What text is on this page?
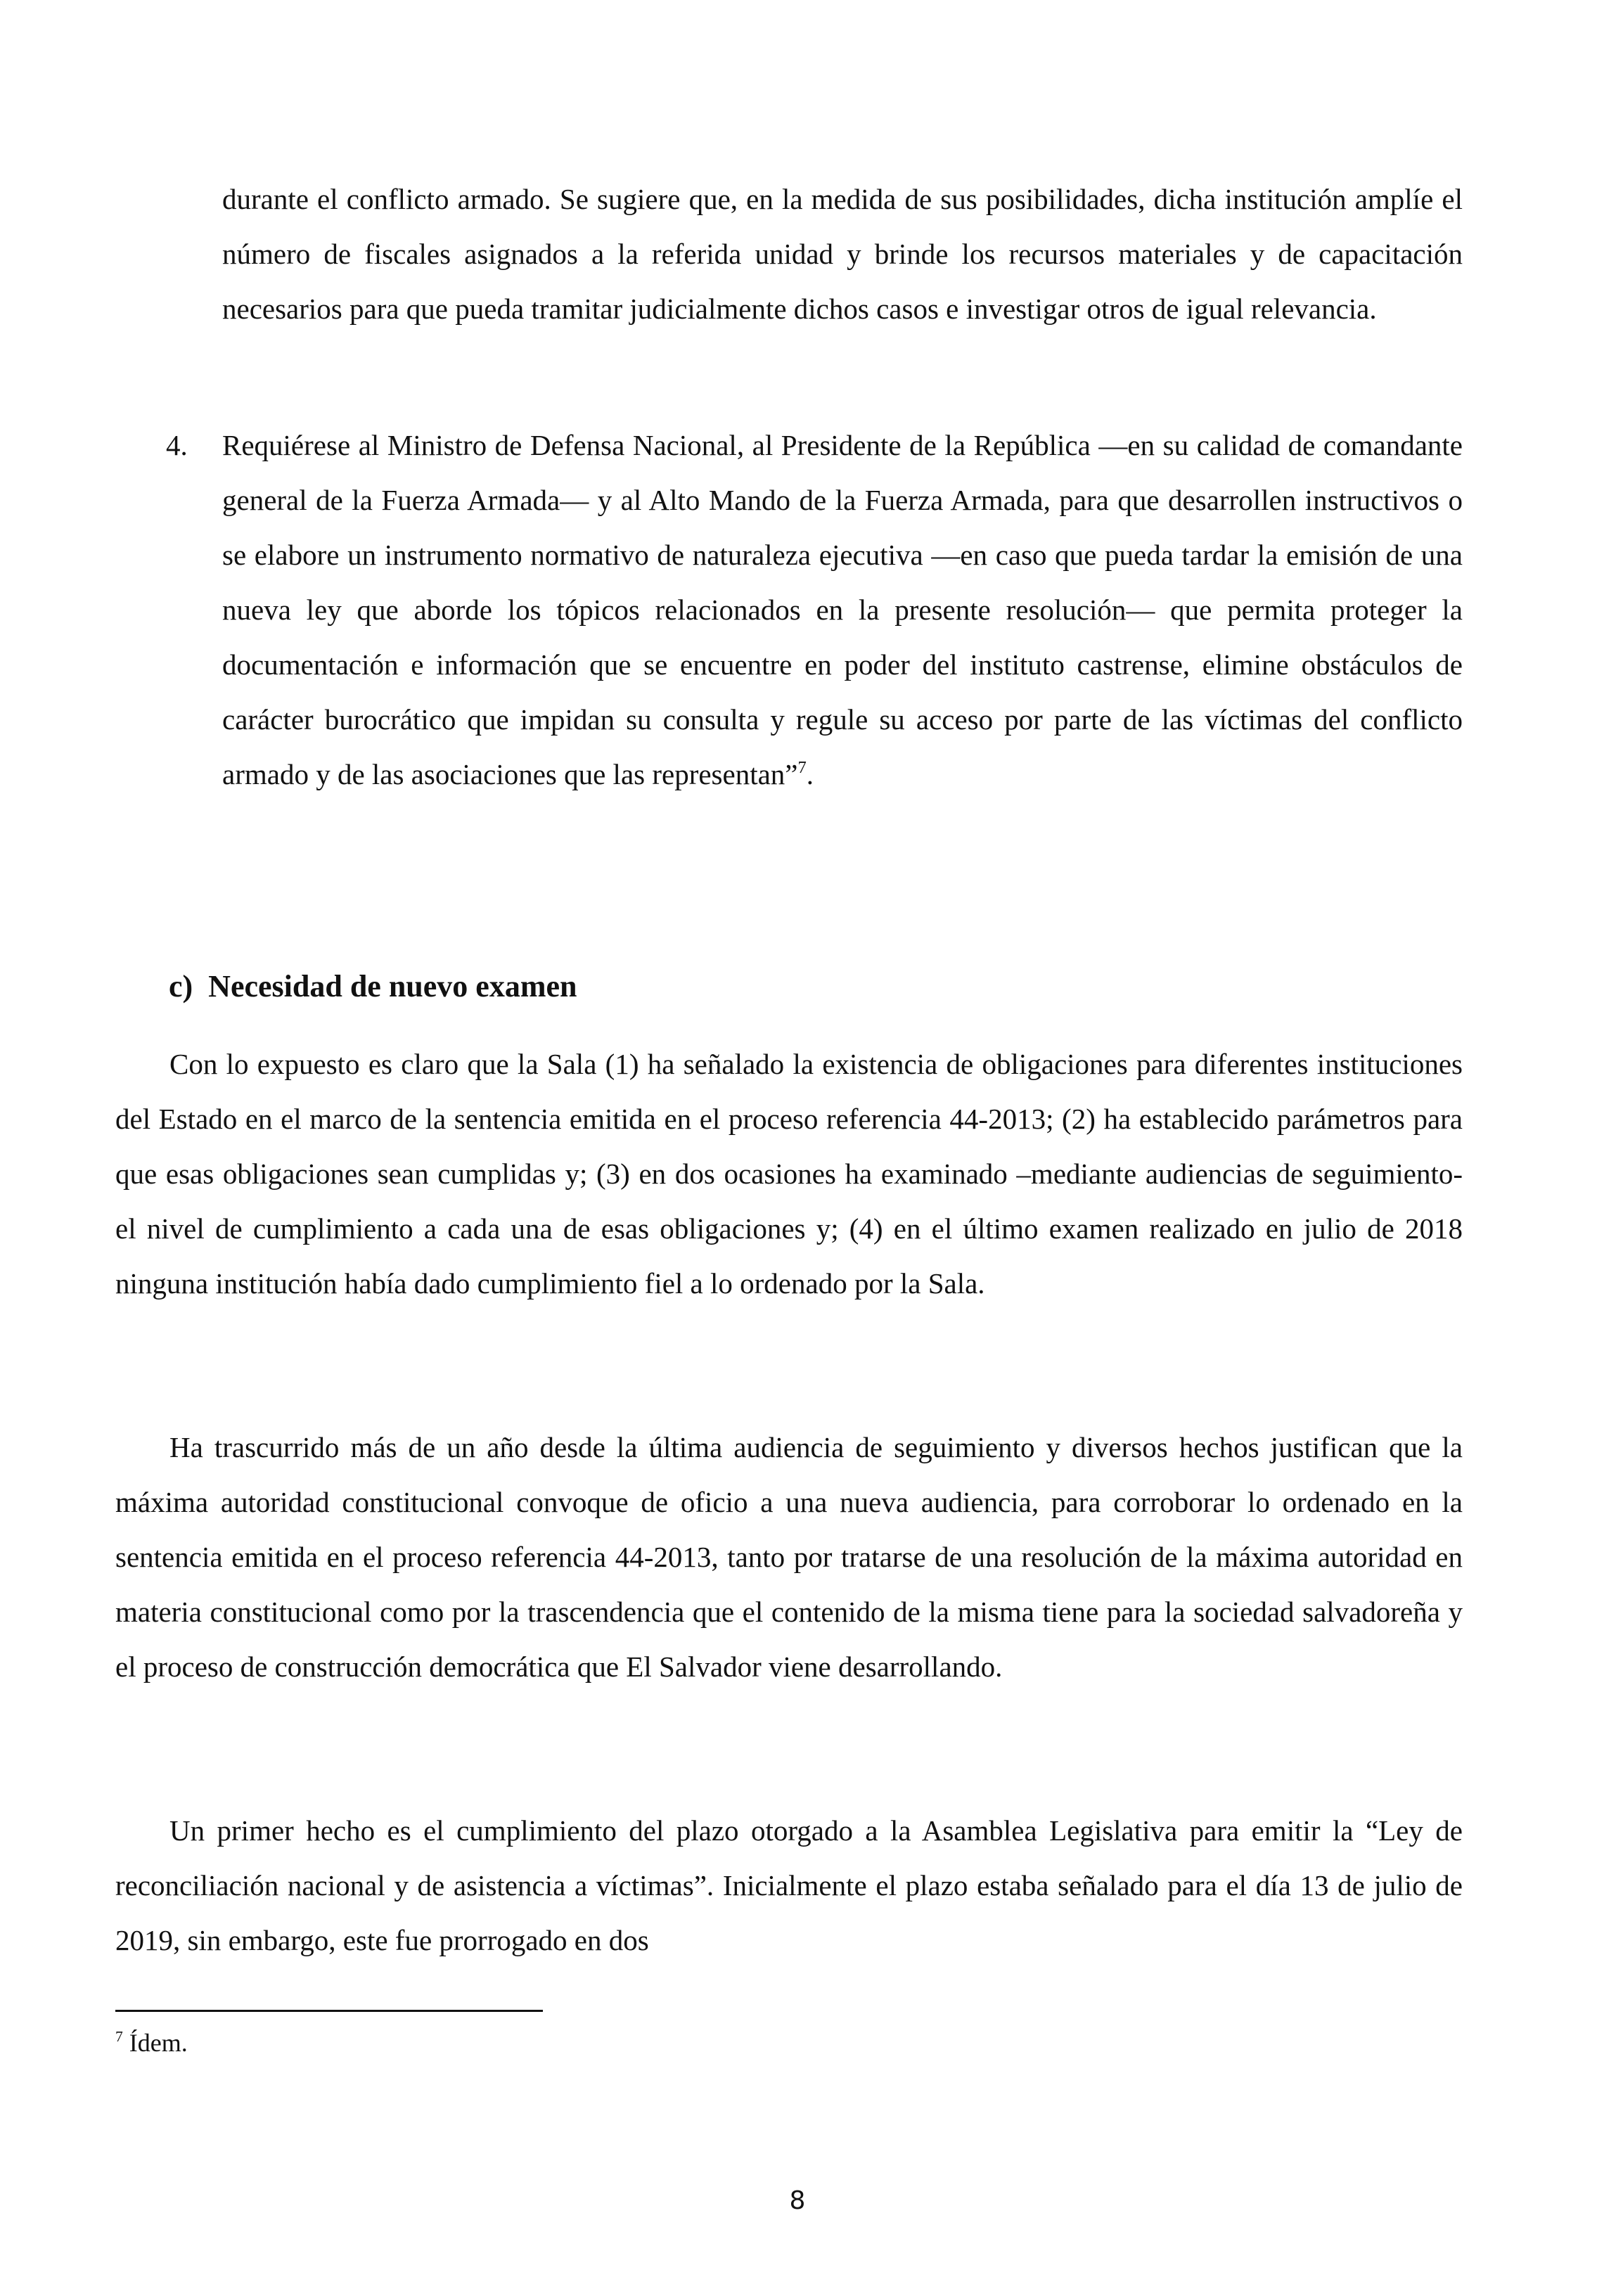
durante el conflicto armado. Se sugiere que, en la medida de sus posibilidades, dicha institución amplíe el número de fiscales asignados a la referida unidad y brinde los recursos materiales y de capacitación necesarios para que pueda tramitar judicialmente dichos casos e investigar otros de igual relevancia.

4. Requiérese al Ministro de Defensa Nacional, al Presidente de la República —en su calidad de comandante general de la Fuerza Armada— y al Alto Mando de la Fuerza Armada, para que desarrollen instructivos o se elabore un instrumento normativo de naturaleza ejecutiva —en caso que pueda tardar la emisión de una nueva ley que aborde los tópicos relacionados en la presente resolución— que permita proteger la documentación e información que se encuentre en poder del instituto castrense, elimine obstáculos de carácter burocrático que impidan su consulta y regule su acceso por parte de las víctimas del conflicto armado y de las asociaciones que las representan”$^7$.

c)  Necesidad de nuevo examen

Con lo expuesto es claro que la Sala (1) ha señalado la existencia de obligaciones para diferentes instituciones del Estado en el marco de la sentencia emitida en el proceso referencia 44-2013; (2) ha establecido parámetros para que esas obligaciones sean cumplidas y; (3) en dos ocasiones ha examinado –mediante audiencias de seguimiento- el nivel de cumplimiento a cada una de esas obligaciones y; (4) en el último examen realizado en julio de 2018 ninguna institución había dado cumplimiento fiel a lo ordenado por la Sala.

Ha trascurrido más de un año desde la última audiencia de seguimiento y diversos hechos justifican que la máxima autoridad constitucional convoque de oficio a una nueva audiencia, para corroborar lo ordenado en la sentencia emitida en el proceso referencia 44-2013, tanto por tratarse de una resolución de la máxima autoridad en materia constitucional como por la trascendencia que el contenido de la misma tiene para la sociedad salvadoreña y el proceso de construcción democrática que El Salvador viene desarrollando.

Un primer hecho es el cumplimiento del plazo otorgado a la Asamblea Legislativa para emitir la “Ley de reconciliación nacional y de asistencia a víctimas”. Inicialmente el plazo estaba señalado para el día 13 de julio de 2019, sin embargo, este fue prorrogado en dos

$^7$ Ídem.

8
